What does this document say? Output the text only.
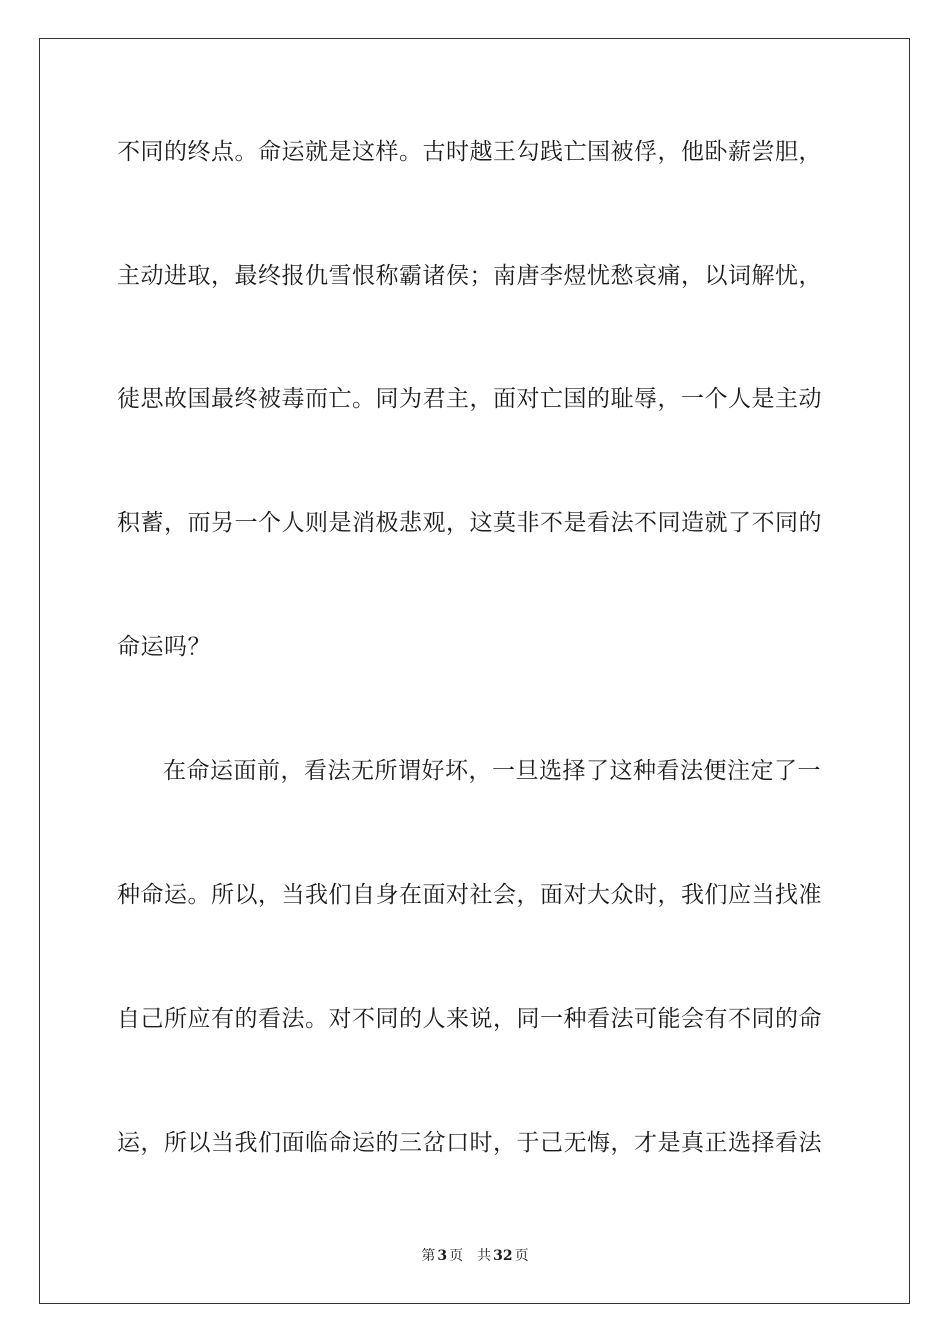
不同的终点。命运就是这样。古时越王勾践亡国被俘，他卧薪尝胆，
主动进取，最终报仇雪恨称霸诸侯；南唐李煜忧愁哀痛，以词解忧，
徒思故国最终被毒而亡。同为君主，面对亡国的耻辱，一个人是主动
积蓄，而另一个人则是消极悲观，这莫非不是看法不同造就了不同的
命运吗？
在命运面前，看法无所谓好坏，一旦选择了这种看法便注定了一
种命运。所以，当我们自身在面对社会，面对大众时，我们应当找准
自己所应有的看法。对不同的人来说，同一种看法可能会有不同的命
运，所以当我们面临命运的三岔口时，于己无悔，才是真正选择看法
第 3 页 共 32 页
